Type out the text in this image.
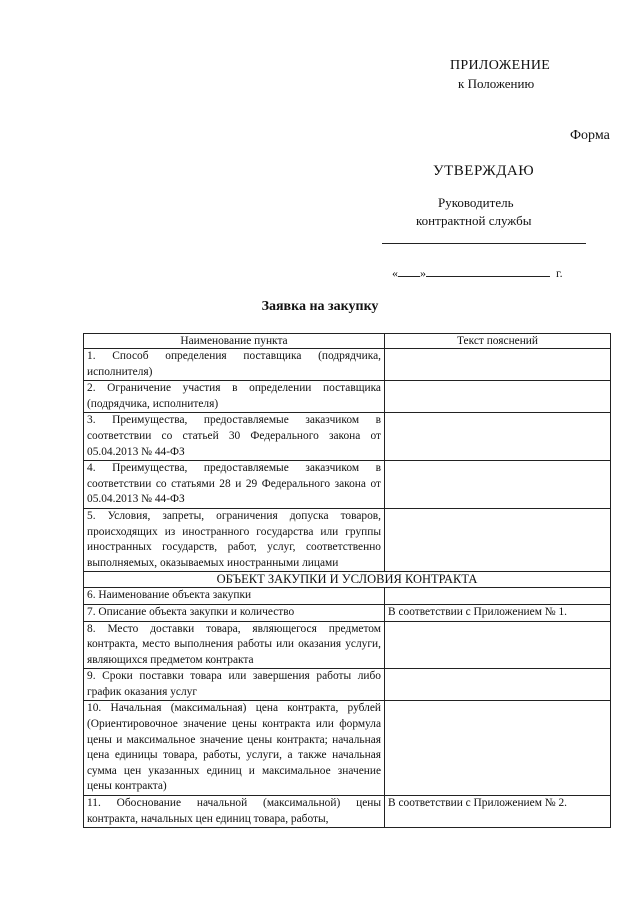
ПРИЛОЖЕНИЕ
к Положению
Форма
УТВЕРЖДАЮ
Руководитель
контрактной службы
« »	г.
Заявка на закупку
Наименование пункта	Текст пояснений
1. Способ определения поставщика (подрядчика, исполнителя)	
2. Ограничение участия в определении поставщика (подрядчика, исполнителя)	
3. Преимущества, предоставляемые заказчиком в соответствии со статьей 30 Федерального закона от 05.04.2013 № 44-ФЗ	
4. Преимущества, предоставляемые заказчиком в соответствии со статьями 28 и 29 Федерального закона от 05.04.2013 № 44-ФЗ	
5. Условия, запреты, ограничения допуска товаров, происходящих из иностранного государства или группы иностранных государств, работ, услуг, соответственно выполняемых, оказываемых иностранными лицами	
ОБЪЕКТ ЗАКУПКИ И УСЛОВИЯ КОНТРАКТА	
6. Наименование объекта закупки	
7. Описание объекта закупки и количество	В соответствии с Приложением № 1.
8. Место доставки товара, являющегося предметом контракта, место выполнения работы или оказания услуги, являющихся предметом контракта	
9. Сроки поставки товара или завершения работы либо график оказания услуг	
10. Начальная (максимальная) цена контракта, рублей (Ориентировочное значение цены контракта или формула цены и максимальное значение цены контракта; начальная цена единицы товара, работы, услуги, а также начальная сумма цен указанных единиц и максимальное значение цены контракта)	
11. Обоснование начальной (максимальной) цены контракта, начальных цен единиц товара, работы,	В соответствии с Приложением № 2.
